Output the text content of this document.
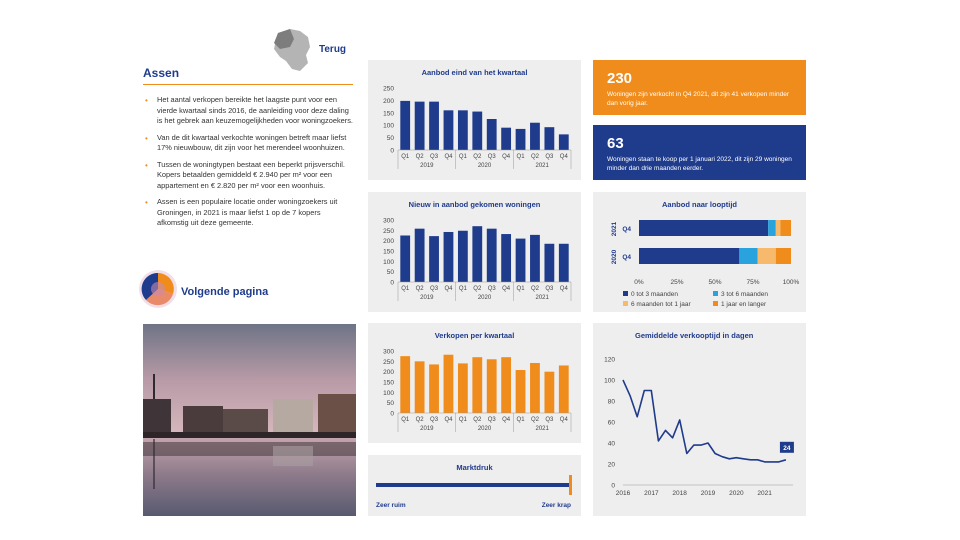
Terug
Assen
• Het aantal verkopen bereikte het laagste punt voor een vierde kwartaal sinds 2016, de aanleiding voor deze daling is het gebrek aan keuzemogelijkheden voor woningzoekers.
• Van de dit kwartaal verkochte woningen betreft maar liefst 17% nieuwbouw, dit zijn voor het merendeel woonhuizen.
• Tussen de woningtypen bestaat een beperkt prijsverschil. Kopers betaalden gemiddeld € 2.940 per m² voor een appartement en € 2.820 per m² voor een woonhuis.
• Assen is een populaire locatie onder woningzoekers uit Groningen, in 2021 is maar liefst 1 op de 7 kopers afkomstig uit deze gemeente.
Volgende pagina
Aanbod eind van het kwartaal
0
50
100
150
200
250
Q1 Q2 Q3 Q4 Q1 Q2 Q3 Q4 Q1 Q2 Q3 Q4
2019	2020	2021
Nieuw in aanbod gekomen woningen
0
50
100
150
200
250
300
Q1 Q2 Q3 Q4 Q1 Q2 Q3 Q4 Q1 Q2 Q3 Q4
2019	2020	2021
Verkopen per kwartaal
0
50
100
150
200
250
300
Q1 Q2 Q3 Q4 Q1 Q2 Q3 Q4 Q1 Q2 Q3 Q4
2019	2020	2021
Marktdruk
Zeer ruim	Zeer krap
230
Woningen zijn verkocht in Q4 2021, dit zijn 41 verkopen minder dan vorig jaar.
63
Woningen staan te koop per 1 januari 2022, dit zijn 29 woningen minder dan drie maanden eerder.
Aanbod naar looptijd
2021 Q4
2020 Q4
0%	25%	50%	75%	100%
0 tot 3 maanden	3 tot 6 maanden
6 maanden tot 1 jaar	1 jaar en langer
Gemiddelde verkooptijd in dagen
0
20
40
60
80
100
120
2016 2017 2018 2019 2020 2021
24
